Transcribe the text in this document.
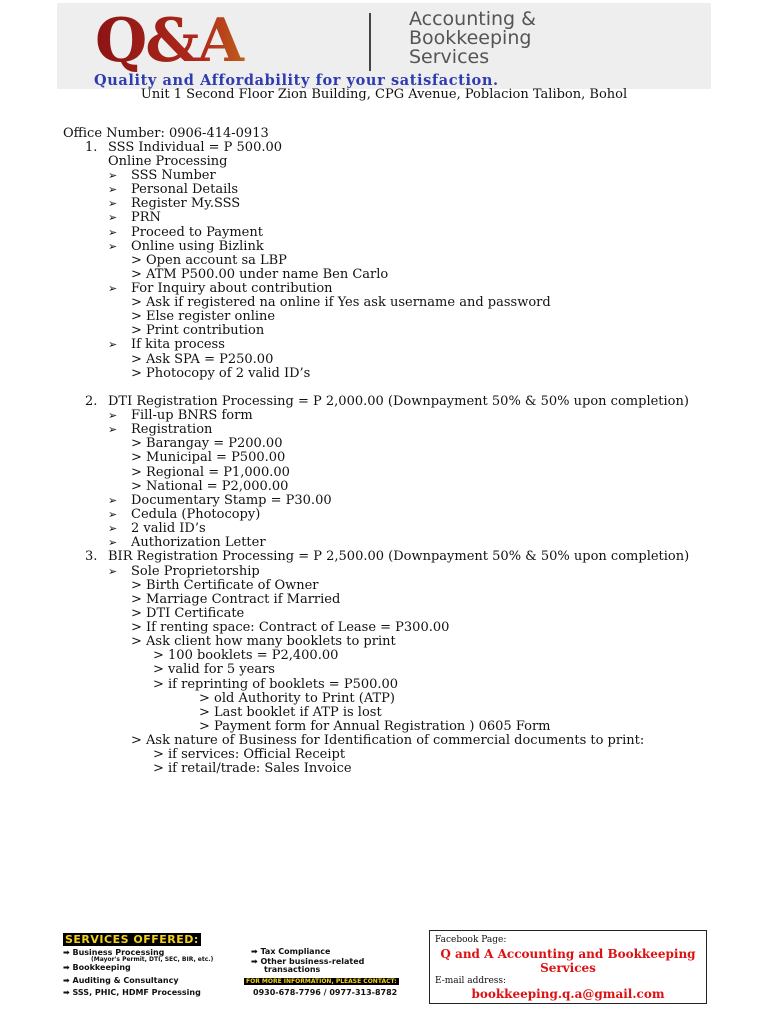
Q&A	Accounting &
Bookkeeping
Services
Quality and Affordability for your satisfaction.
Unit 1 Second Floor Zion Building, CPG Avenue, Poblacion Talibon, Bohol
Office Number: 0906-414-0913
1. SSS Individual = P 500.00
Online Processing
➢ SSS Number
➢ Personal Details
➢ Register My.SSS
➢ PRN
➢ Proceed to Payment
➢ Online using Bizlink
> Open account sa LBP
> ATM P500.00 under name Ben Carlo
➢ For Inquiry about contribution
> Ask if registered na online if Yes ask username and password
> Else register online
> Print contribution
➢ If kita process
> Ask SPA = P250.00
> Photocopy of 2 valid ID’s
2. DTI Registration Processing = P 2,000.00 (Downpayment 50% & 50% upon completion)
➢ Fill-up BNRS form
➢ Registration
> Barangay = P200.00
> Municipal = P500.00
> Regional = P1,000.00
> National = P2,000.00
➢ Documentary Stamp = P30.00
➢ Cedula (Photocopy)
➢ 2 valid ID’s
➢ Authorization Letter
3. BIR Registration Processing = P 2,500.00 (Downpayment 50% & 50% upon completion)
➢ Sole Proprietorship
> Birth Certificate of Owner
> Marriage Contract if Married
> DTI Certificate
> If renting space: Contract of Lease = P300.00
> Ask client how many booklets to print
> 100 booklets = P2,400.00
> valid for 5 years
> if reprinting of booklets = P500.00
> old Authority to Print (ATP)
> Last booklet if ATP is lost
> Payment form for Annual Registration ) 0605 Form
> Ask nature of Business for Identification of commercial documents to print:
> if services: Official Receipt
> if retail/trade: Sales Invoice
SERVICES OFFERED:
➡ Business Processing
(Mayor's Permit, DTI, SEC, BIR, etc.)
➡ Bookkeeping
➡ Auditing & Consultancy
➡ SSS, PHIC, HDMF Processing
➡ Tax Compliance
➡ Other business-related
transactions
FOR MORE INFORMATION, PLEASE CONTACT:
0930-678-7796 / 0977-313-8782
Facebook Page:
Q and A Accounting and Bookkeeping
Services
E-mail address:
bookkeeping.q.a@gmail.com
